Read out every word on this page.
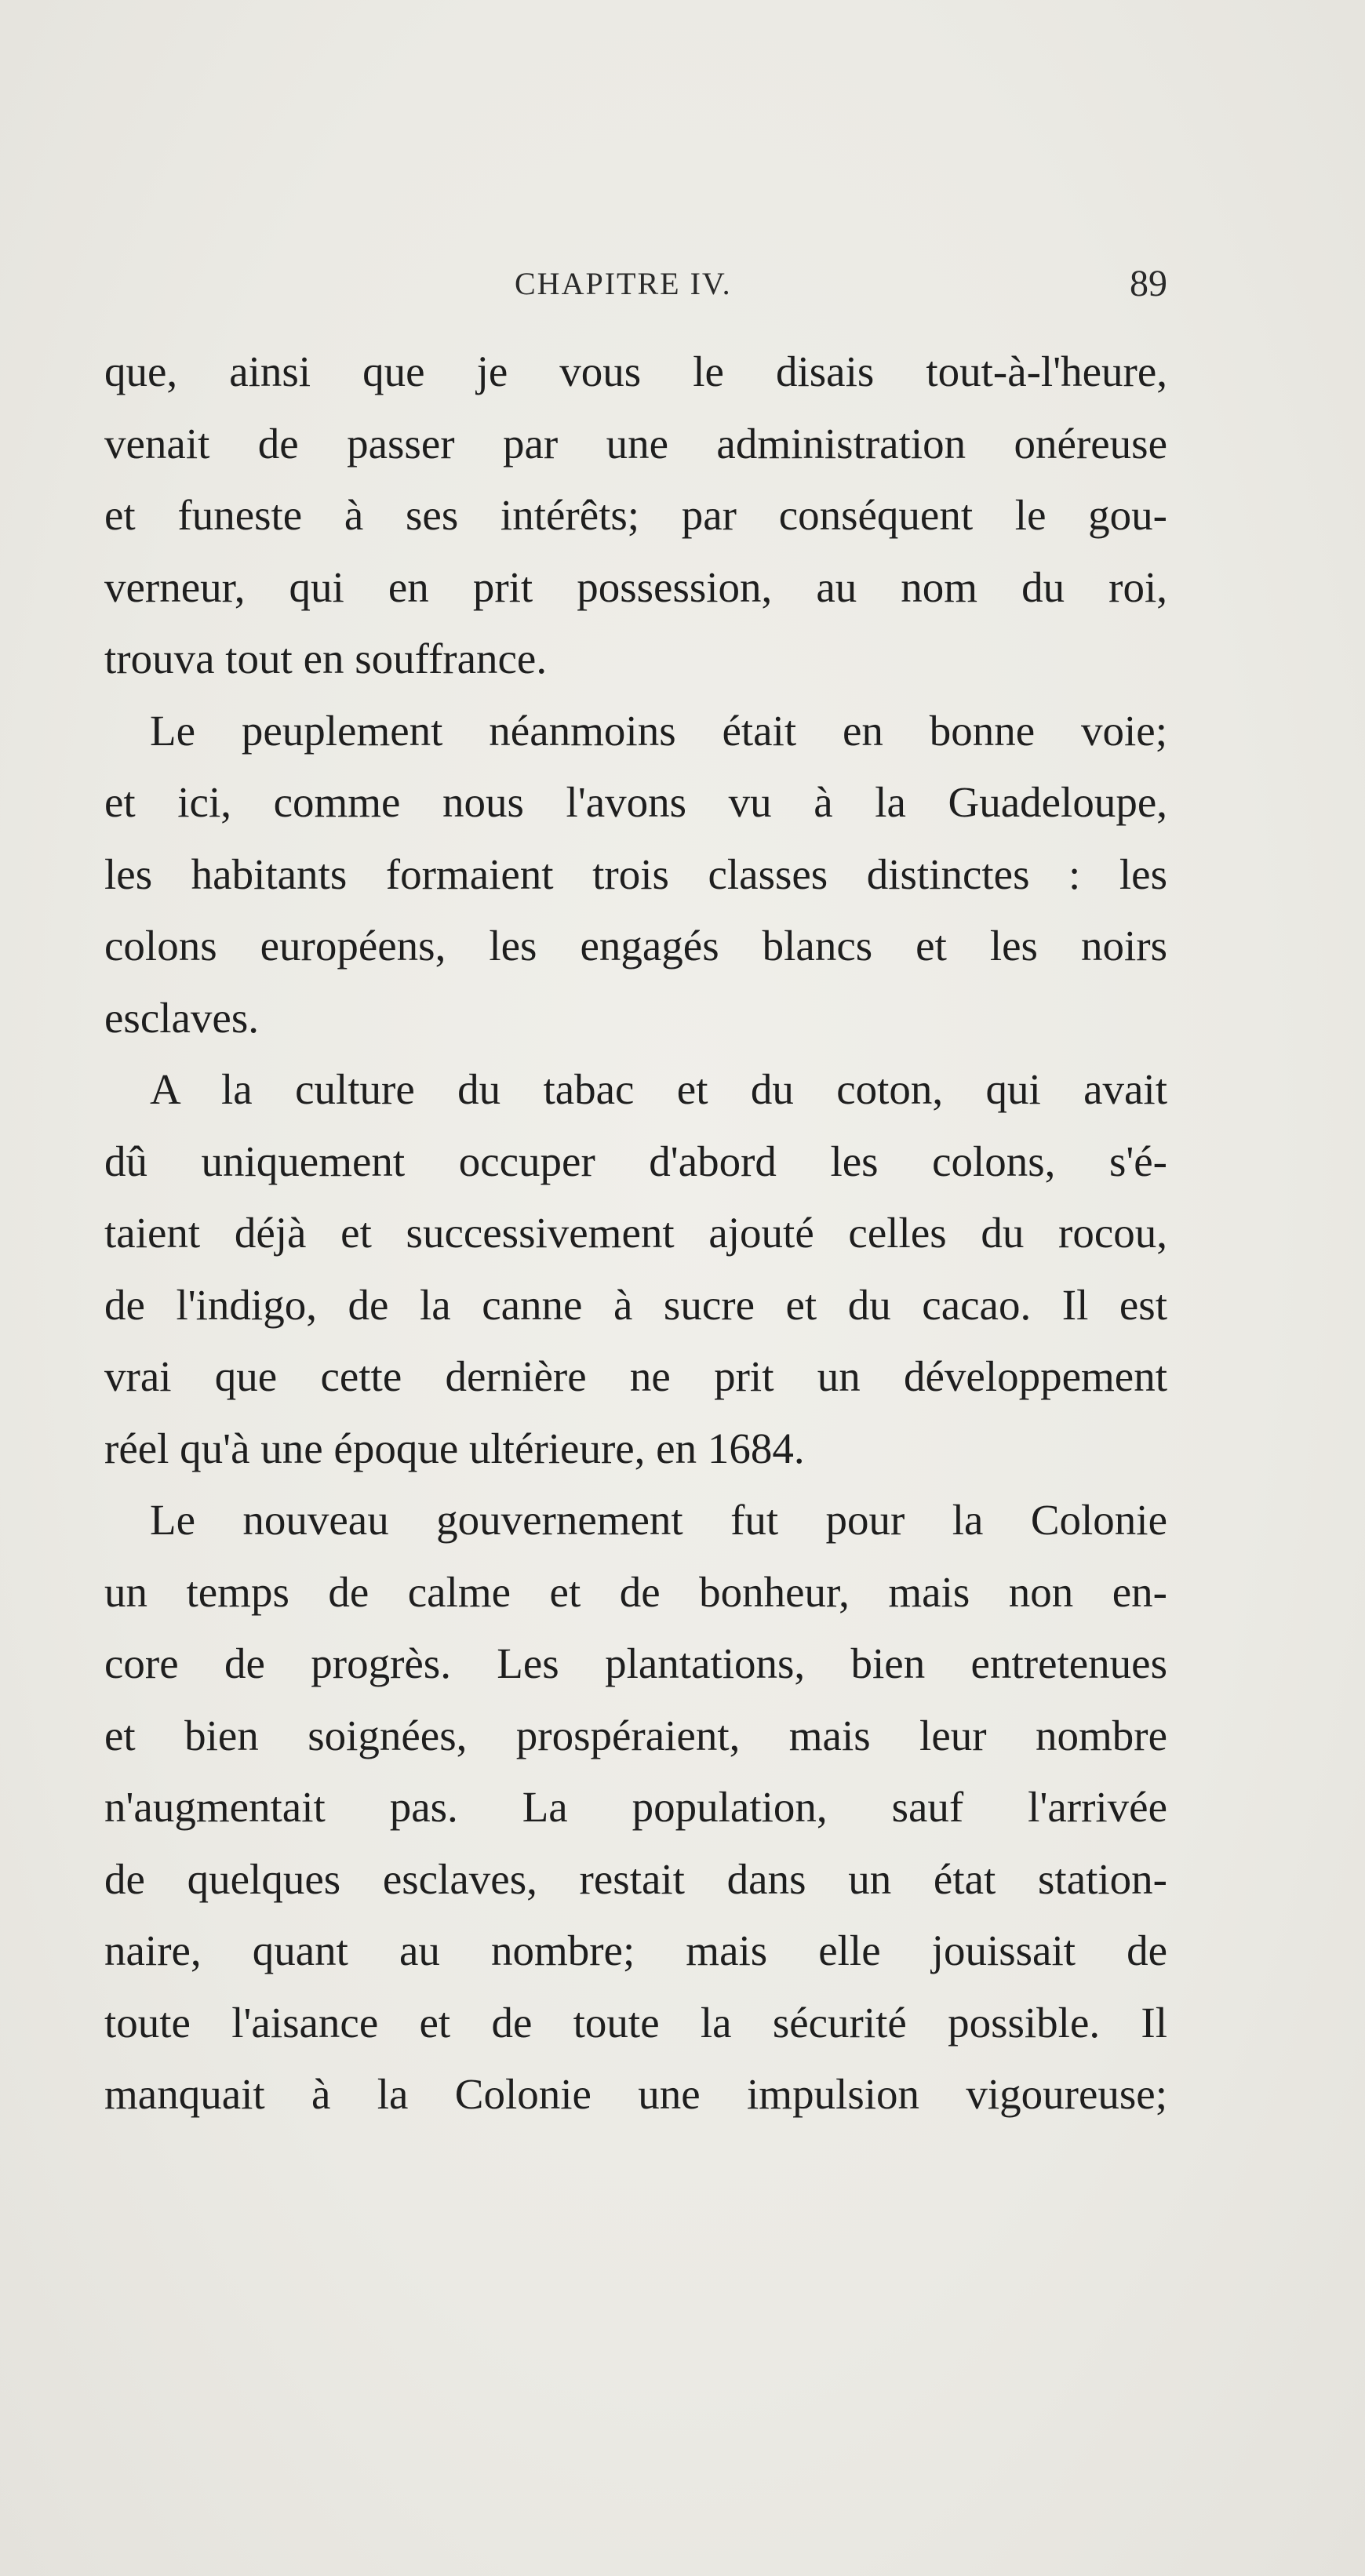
CHAPITRE IV.	89
que, ainsi que je vous le disais tout-à-l'heure,
venait de passer par une administration onéreuse
et funeste à ses intérêts; par conséquent le gou-
verneur, qui en prit possession, au nom du roi,
trouva tout en souffrance.
Le peuplement néanmoins était en bonne voie;
et ici, comme nous l'avons vu à la Guadeloupe,
les habitants formaient trois classes distinctes : les
colons européens, les engagés blancs et les noirs
esclaves.
A la culture du tabac et du coton, qui avait
dû uniquement occuper d'abord les colons, s'é-
taient déjà et successivement ajouté celles du rocou,
de l'indigo, de la canne à sucre et du cacao. Il est
vrai que cette dernière ne prit un développement
réel qu'à une époque ultérieure, en 1684.
Le nouveau gouvernement fut pour la Colonie
un temps de calme et de bonheur, mais non en-
core de progrès. Les plantations, bien entretenues
et bien soignées, prospéraient, mais leur nombre
n'augmentait pas. La population, sauf l'arrivée
de quelques esclaves, restait dans un état station-
naire, quant au nombre; mais elle jouissait de
toute l'aisance et de toute la sécurité possible. Il
manquait à la Colonie une impulsion vigoureuse;
